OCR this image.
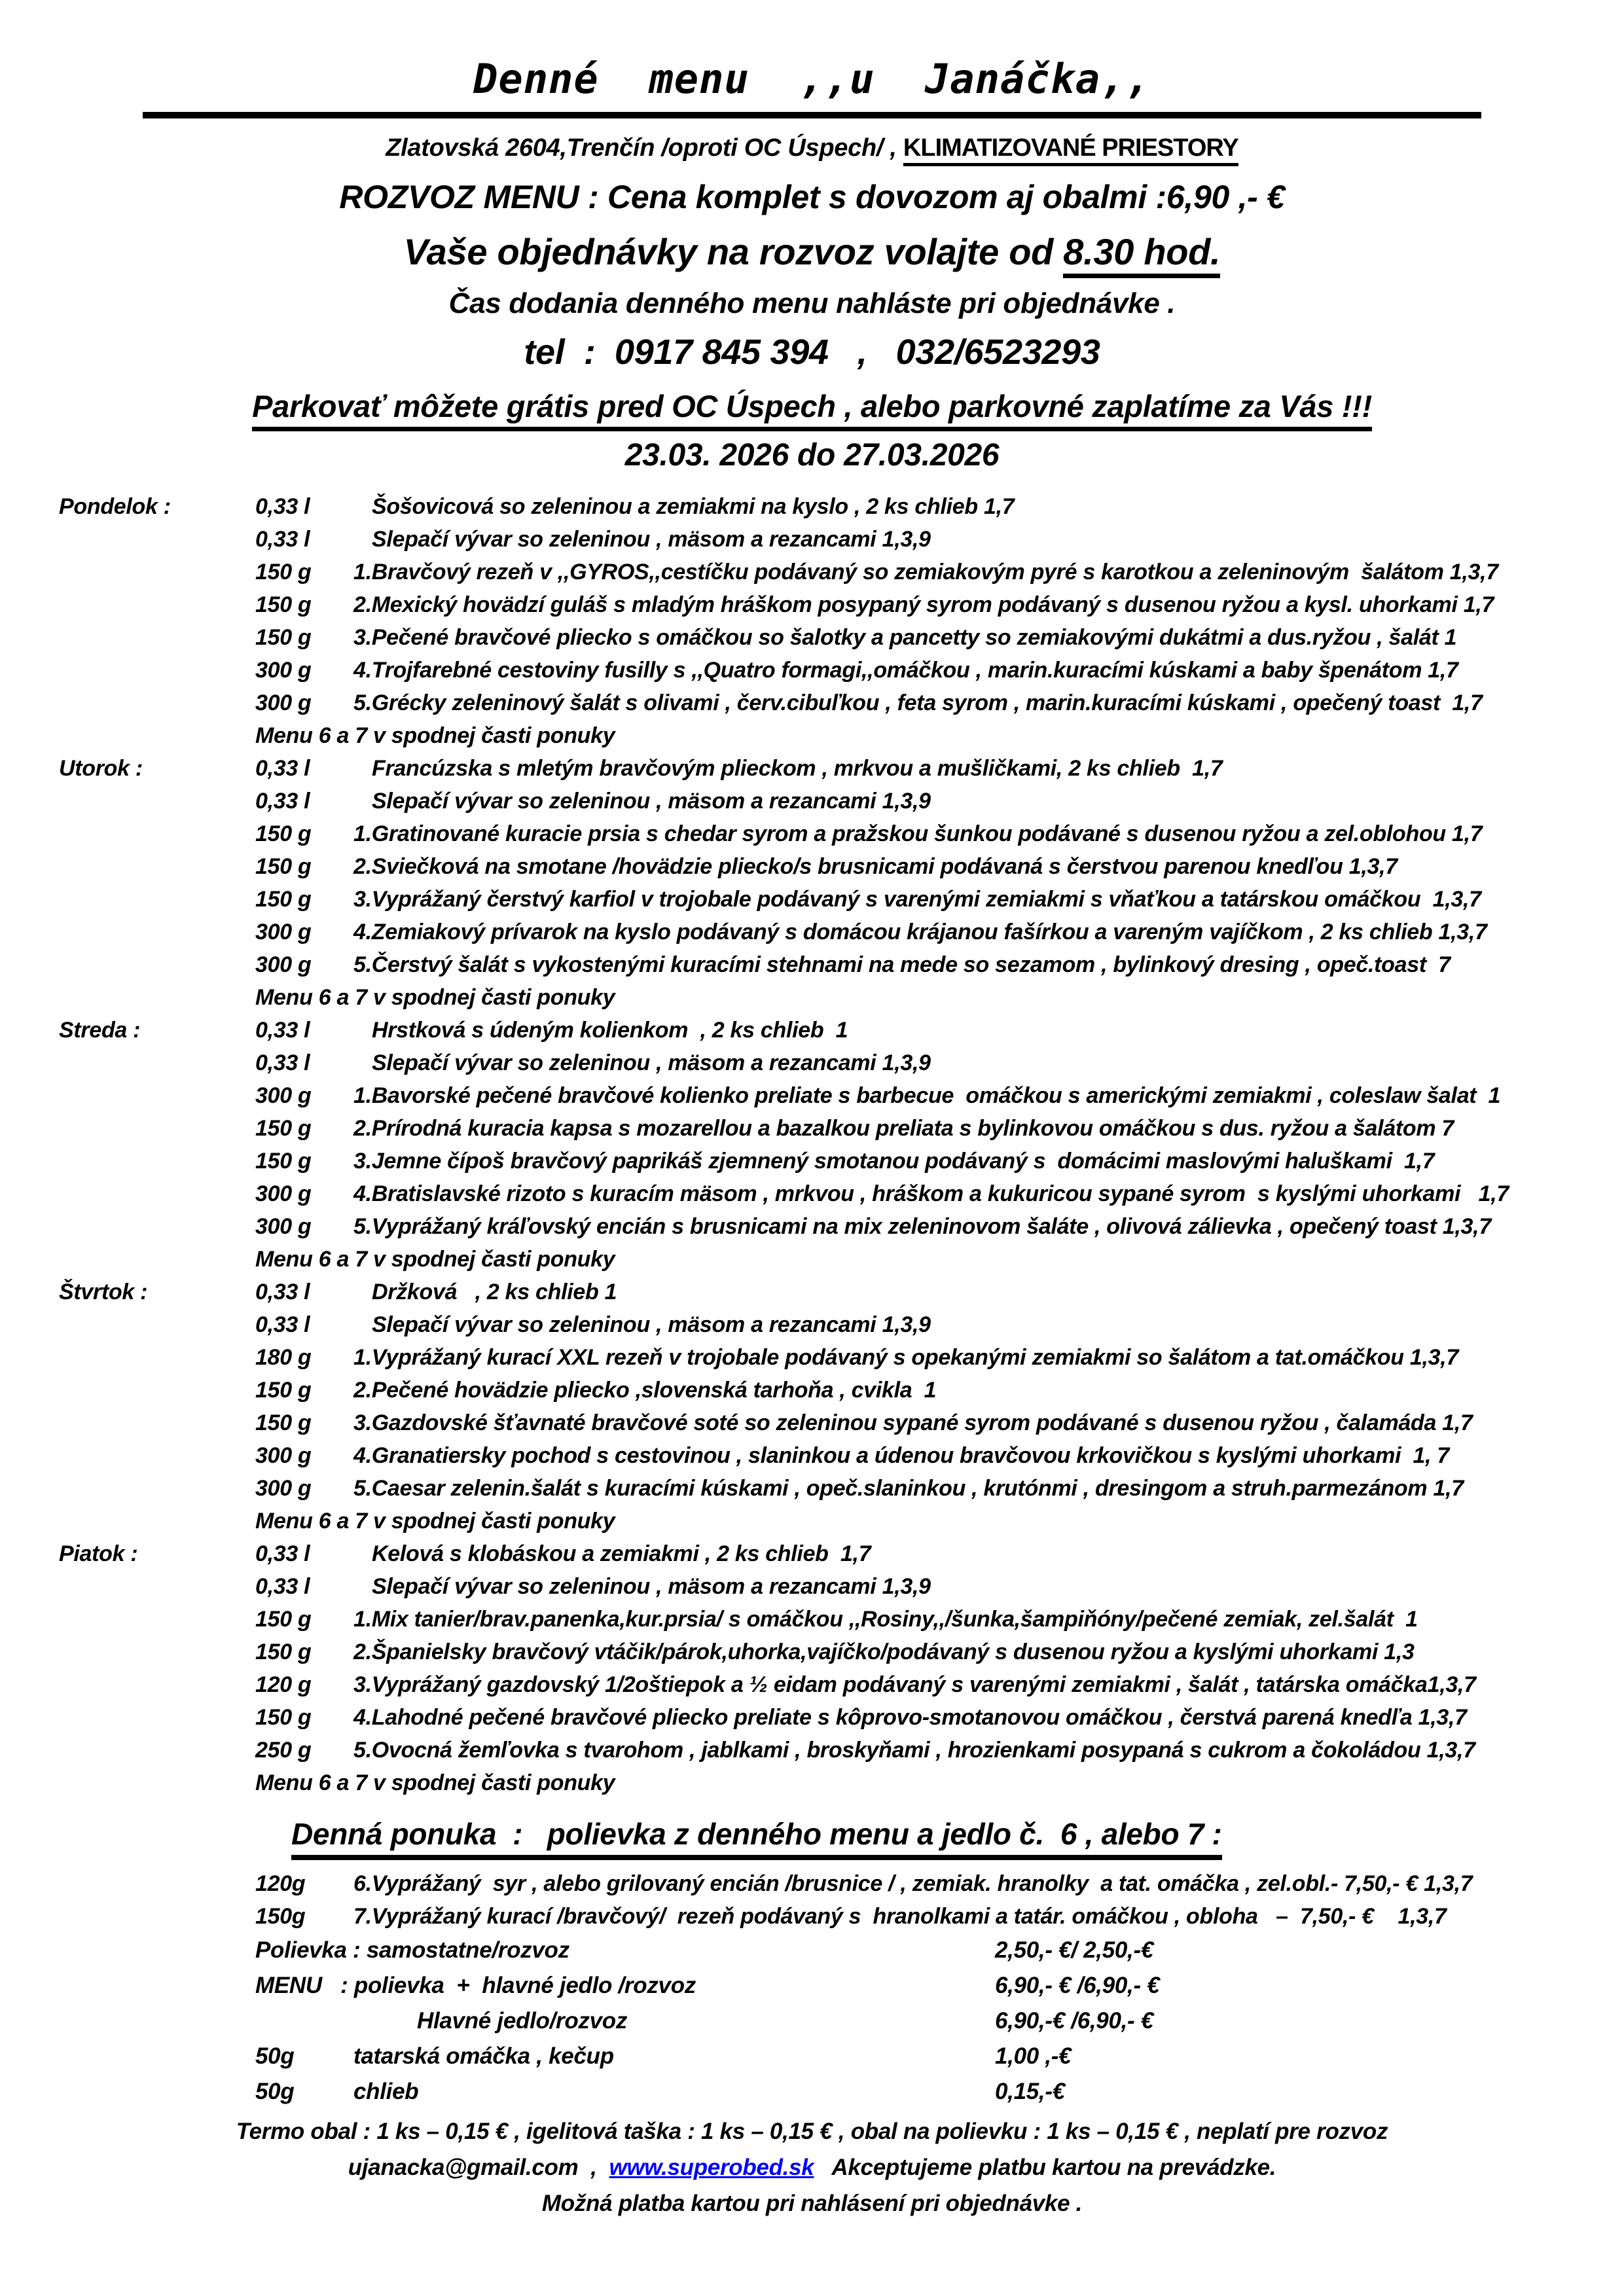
Denné  menu  ,,u  Janáčka,,
Zlatovská 2604,Trenčín /oproti OC Úspech/ , KLIMATIZOVANÉ PRIESTORY
ROZVOZ MENU : Cena komplet s dovozom aj obalmi :6,90 ,- €
Vaše objednávky na rozvoz volajte od 8.30 hod.
Čas dodania denného menu nahláste pri objednávke .
tel  :  0917 845 394   ,   032/6523293
Parkovať môžete grátis pred OC Úspech , alebo parkovné zaplatíme za Vás !!!
23.03. 2026 do 27.03.2026
Pondelok :	0,33 l	Šošovicová so zeleninou a zemiakmi na kyslo , 2 ks chlieb 1,7
0,33 l	Slepačí vývar so zeleninou , mäsom a rezancami 1,3,9
150 g	1.Bravčový rezeň v ,,GYROS,,cestíčku podávaný so zemiakovým pyré s karotkou a zeleninovým  šalátom 1,3,7
150 g	2.Mexický hovädzí guláš s mladým hráškom posypaný syrom podávaný s dusenou ryžou a kysl. uhorkami 1,7
150 g	3.Pečené bravčové pliecko s omáčkou so šalotky a pancetty so zemiakovými dukátmi a dus.ryžou , šalát 1
300 g	4.Trojfarebné cestoviny fusilly s ,,Quatro formagi,,omáčkou , marin.kuracími kúskami a baby špenátom 1,7
300 g	5.Grécky zeleninový šalát s olivami , červ.cibuľkou , feta syrom , marin.kuracími kúskami , opečený toast  1,7
Menu 6 a 7 v spodnej časti ponuky
Utorok :	0,33 l	Francúzska s mletým bravčovým plieckom , mrkvou a mušličkami, 2 ks chlieb  1,7
0,33 l	Slepačí vývar so zeleninou , mäsom a rezancami 1,3,9
150 g	1.Gratinované kuracie prsia s chedar syrom a pražskou šunkou podávané s dusenou ryžou a zel.oblohou 1,7
150 g	2.Sviečková na smotane /hovädzie pliecko/s brusnicami podávaná s čerstvou parenou knedľou 1,3,7
150 g	3.Vyprážaný čerstvý karfiol v trojobale podávaný s varenými zemiakmi s vňaťkou a tatárskou omáčkou  1,3,7
300 g	4.Zemiakový prívarok na kyslo podávaný s domácou krájanou fašírkou a vareným vajíčkom , 2 ks chlieb 1,3,7
300 g	5.Čerstvý šalát s vykostenými kuracími stehnami na mede so sezamom , bylinkový dresing , opeč.toast  7
Menu 6 a 7 v spodnej časti ponuky
Streda :	0,33 l	Hrstková s údeným kolienkom  , 2 ks chlieb  1
0,33 l	Slepačí vývar so zeleninou , mäsom a rezancami 1,3,9
300 g	1.Bavorské pečené bravčové kolienko preliate s barbecue  omáčkou s americkými zemiakmi , coleslaw šalat  1
150 g	2.Prírodná kuracia kapsa s mozarellou a bazalkou preliata s bylinkovou omáčkou s dus. ryžou a šalátom 7
150 g	3.Jemne čípoš bravčový paprikáš zjemnený smotanou podávaný s  domácimi maslovými haluškami  1,7
300 g	4.Bratislavské rizoto s kuracím mäsom , mrkvou , hráškom a kukuricou sypané syrom  s kyslými uhorkami   1,7
300 g	5.Vyprážaný kráľovský encián s brusnicami na mix zeleninovom šaláte , olivová zálievka , opečený toast 1,3,7
Menu 6 a 7 v spodnej časti ponuky
Štvrtok :	0,33 l	Držková   , 2 ks chlieb 1
0,33 l	Slepačí vývar so zeleninou , mäsom a rezancami 1,3,9
180 g	1.Vyprážaný kurací XXL rezeň v trojobale podávaný s opekanými zemiakmi so šalátom a tat.omáčkou 1,3,7
150 g	2.Pečené hovädzie pliecko ,slovenská tarhoňa , cvikla  1
150 g	3.Gazdovské šťavnaté bravčové soté so zeleninou sypané syrom podávané s dusenou ryžou , čalamáda 1,7
300 g	4.Granatiersky pochod s cestovinou , slaninkou a údenou bravčovou krkovičkou s kyslými uhorkami  1, 7
300 g	5.Caesar zelenin.šalát s kuracími kúskami , opeč.slaninkou , krutónmi , dresingom a struh.parmezánom 1,7
Menu 6 a 7 v spodnej časti ponuky
Piatok :	0,33 l	Kelová s klobáskou a zemiakmi , 2 ks chlieb  1,7
0,33 l	Slepačí vývar so zeleninou , mäsom a rezancami 1,3,9
150 g	1.Mix tanier/brav.panenka,kur.prsia/ s omáčkou ,,Rosiny,,/šunka,šampiňóny/pečené zemiak, zel.šalát  1
150 g	2.Španielsky bravčový vtáčik/párok,uhorka,vajíčko/podávaný s dusenou ryžou a kyslými uhorkami 1,3
120 g	3.Vyprážaný gazdovský 1/2oštiepok a ½ eidam podávaný s varenými zemiakmi , šalát , tatárska omáčka1,3,7
150 g	4.Lahodné pečené bravčové pliecko preliate s kôprovo-smotanovou omáčkou , čerstvá parená knedľa 1,3,7
250 g	5.Ovocná žemľovka s tvarohom , jablkami , broskyňami , hrozienkami posypaná s cukrom a čokoládou 1,3,7
Menu 6 a 7 v spodnej časti ponuky
Denná ponuka  :   polievka z denného menu a jedlo č.  6 , alebo 7 :
120g	6.Vyprážaný  syr , alebo grilovaný encián /brusnice / , zemiak. hranolky  a tat. omáčka , zel.obl.- 7,50,- € 1,3,7
150g	7.Vyprážaný kurací /bravčový/  rezeň podávaný s  hranolkami a tatár. omáčkou , obloha   –  7,50,- €    1,3,7
Polievka : samostatne/rozvoz	2,50,- €/ 2,50,-€
MENU   : polievka  +  hlavné jedlo /rozvoz	6,90,- € /6,90,- €
Hlavné jedlo/rozvoz	6,90,-€ /6,90,- €
50g	tatarská omáčka , kečup	1,00 ,-€
50g	chlieb	0,15,-€
Termo obal : 1 ks – 0,15 € , igelitová taška : 1 ks – 0,15 € , obal na polievku : 1 ks – 0,15 € , neplatí pre rozvoz
ujanacka@gmail.com  ,  www.superobed.sk   Akceptujeme platbu kartou na prevádzke.
Možná platba kartou pri nahlásení pri objednávke .
